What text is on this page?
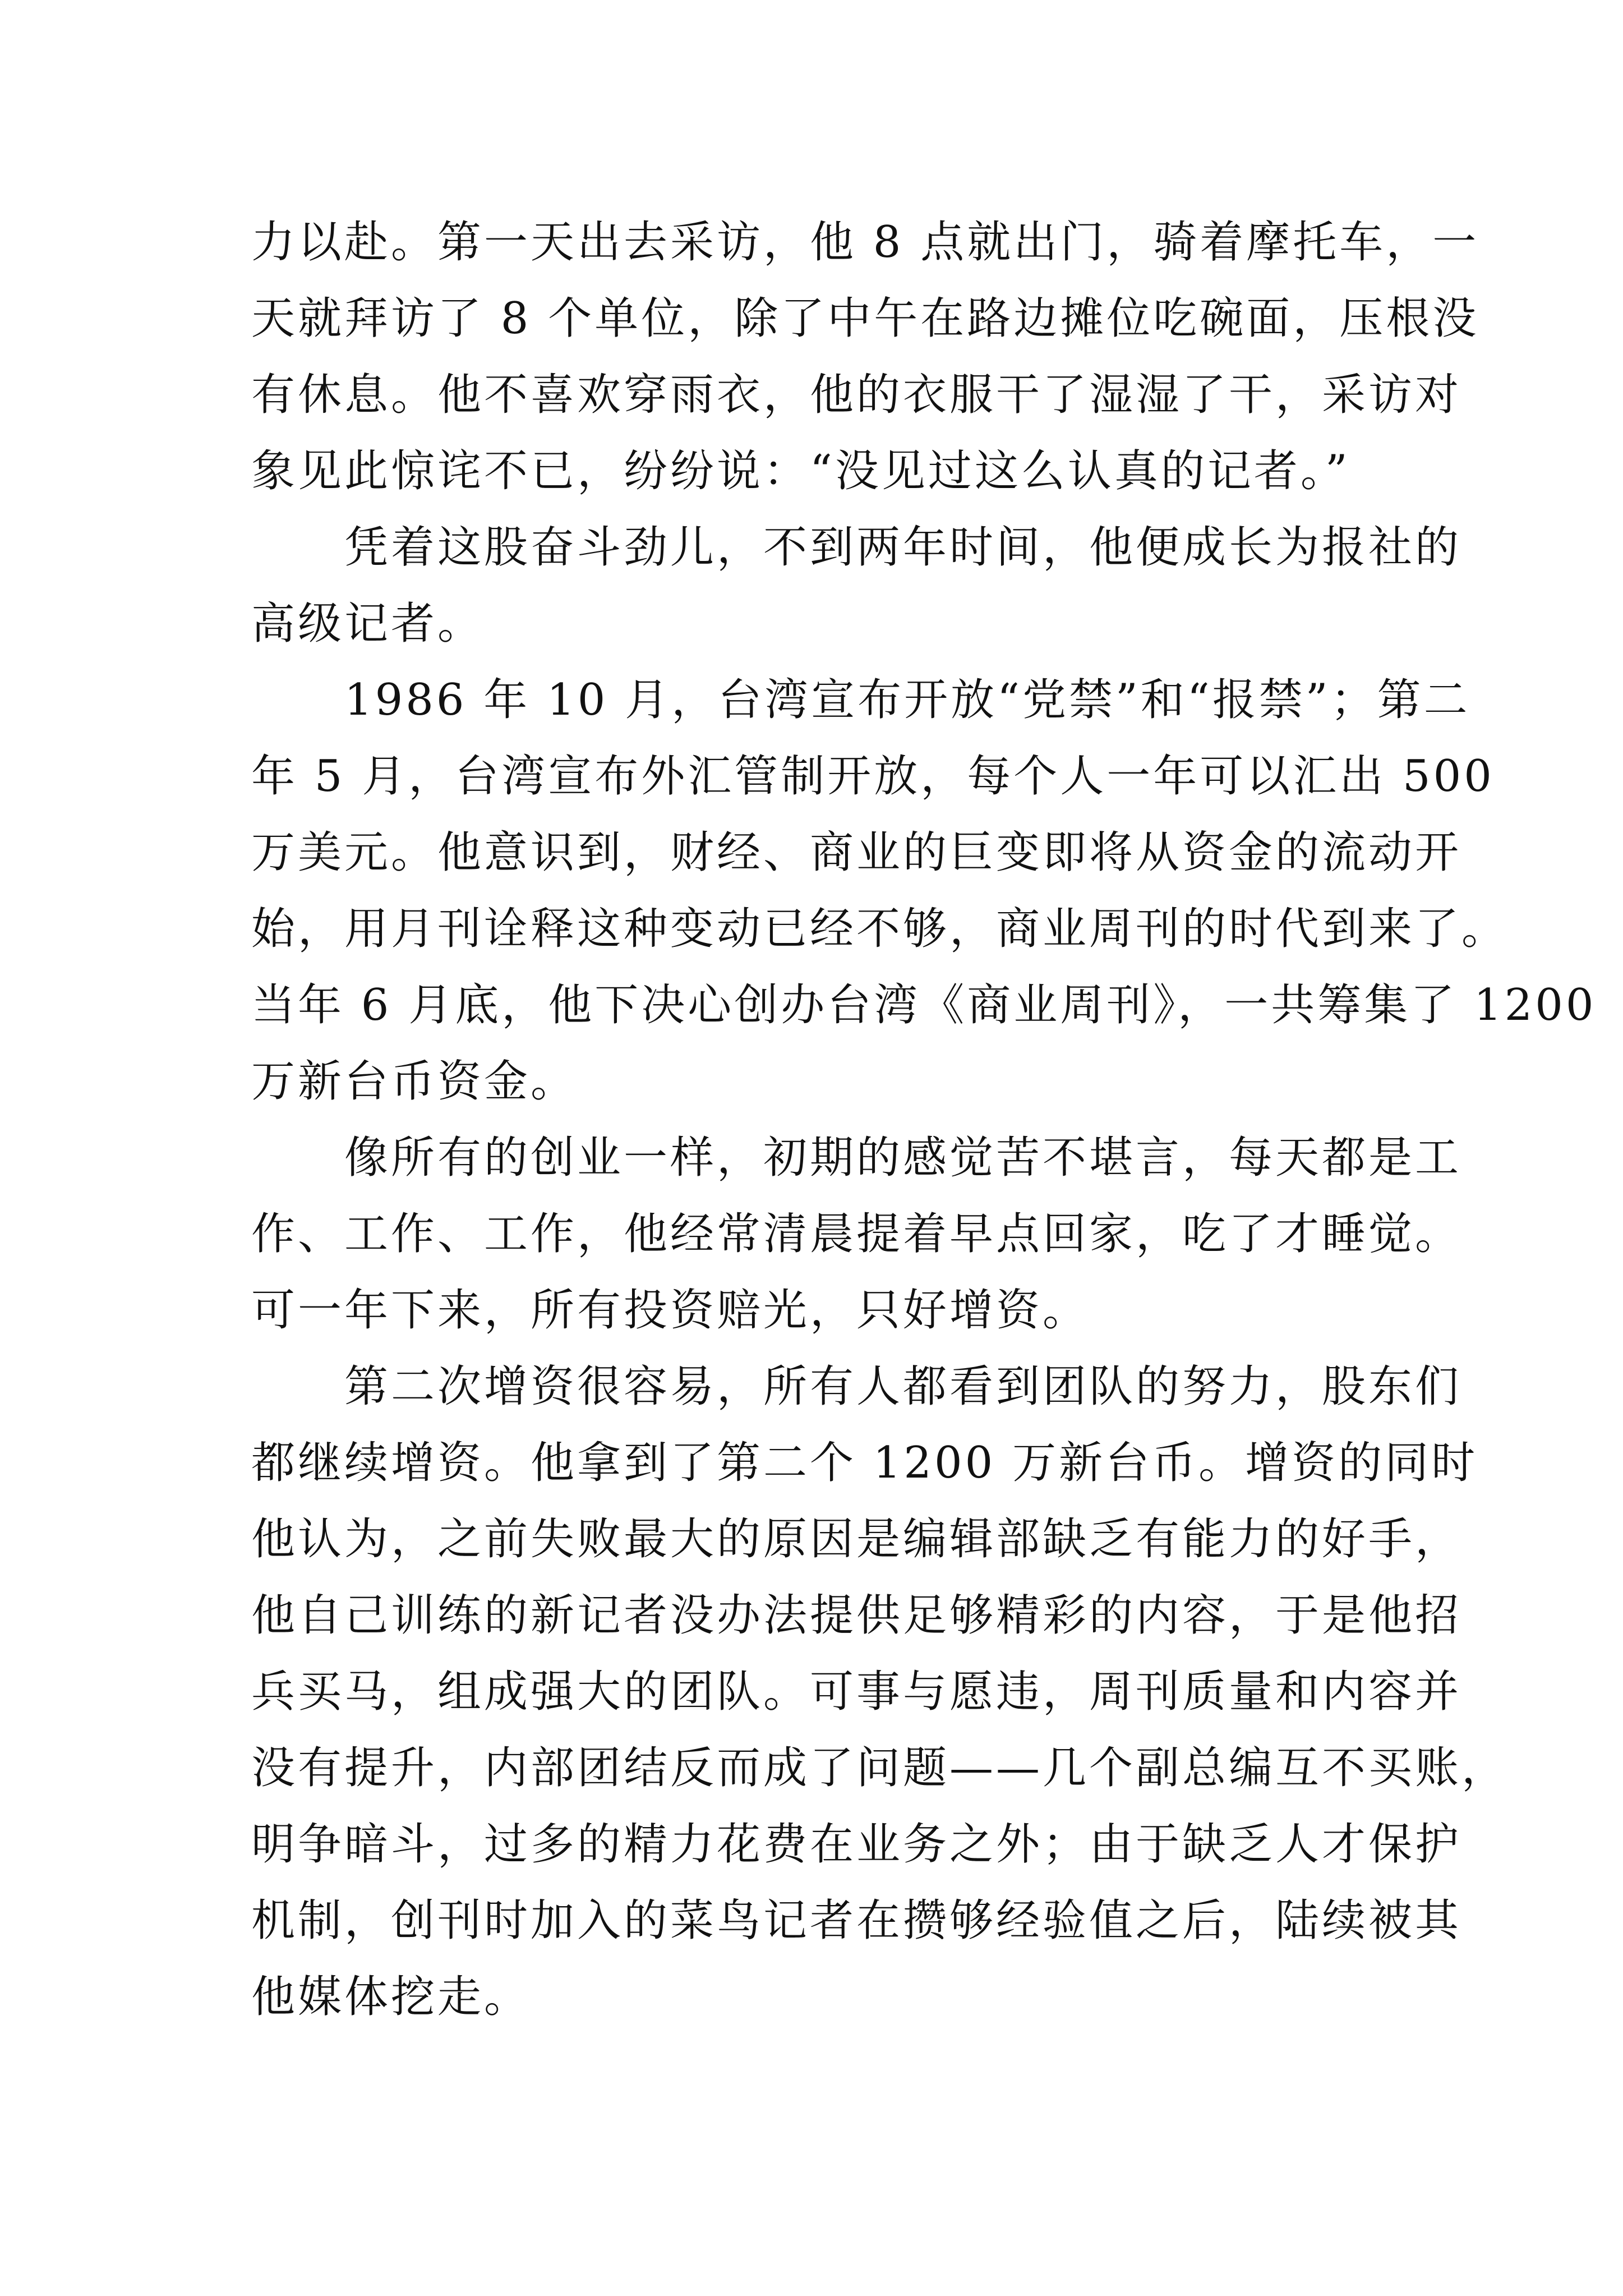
力以赴。第一天出去采访，他 8 点就出门，骑着摩托车，一
天就拜访了 8 个单位，除了中午在路边摊位吃碗面，压根没
有休息。他不喜欢穿雨衣，他的衣服干了湿湿了干，采访对
象见此惊诧不已，纷纷说：“没见过这么认真的记者。”
凭着这股奋斗劲儿，不到两年时间，他便成长为报社的
高级记者。
1986 年 10 月，台湾宣布开放“党禁”和“报禁”；第二
年 5 月，台湾宣布外汇管制开放，每个人一年可以汇出 500
万美元。他意识到，财经、商业的巨变即将从资金的流动开
始，用月刊诠释这种变动已经不够，商业周刊的时代到来了。
当年 6 月底，他下决心创办台湾《商业周刊》，一共筹集了 1200
万新台币资金。
像所有的创业一样，初期的感觉苦不堪言，每天都是工
作、工作、工作，他经常清晨提着早点回家，吃了才睡觉。
可一年下来，所有投资赔光，只好增资。
第二次增资很容易，所有人都看到团队的努力，股东们
都继续增资。他拿到了第二个 1200 万新台币。增资的同时
他认为，之前失败最大的原因是编辑部缺乏有能力的好手，
他自己训练的新记者没办法提供足够精彩的内容，于是他招
兵买马，组成强大的团队。可事与愿违，周刊质量和内容并
没有提升，内部团结反而成了问题——几个副总编互不买账，
明争暗斗，过多的精力花费在业务之外；由于缺乏人才保护
机制，创刊时加入的菜鸟记者在攒够经验值之后，陆续被其
他媒体挖走。
